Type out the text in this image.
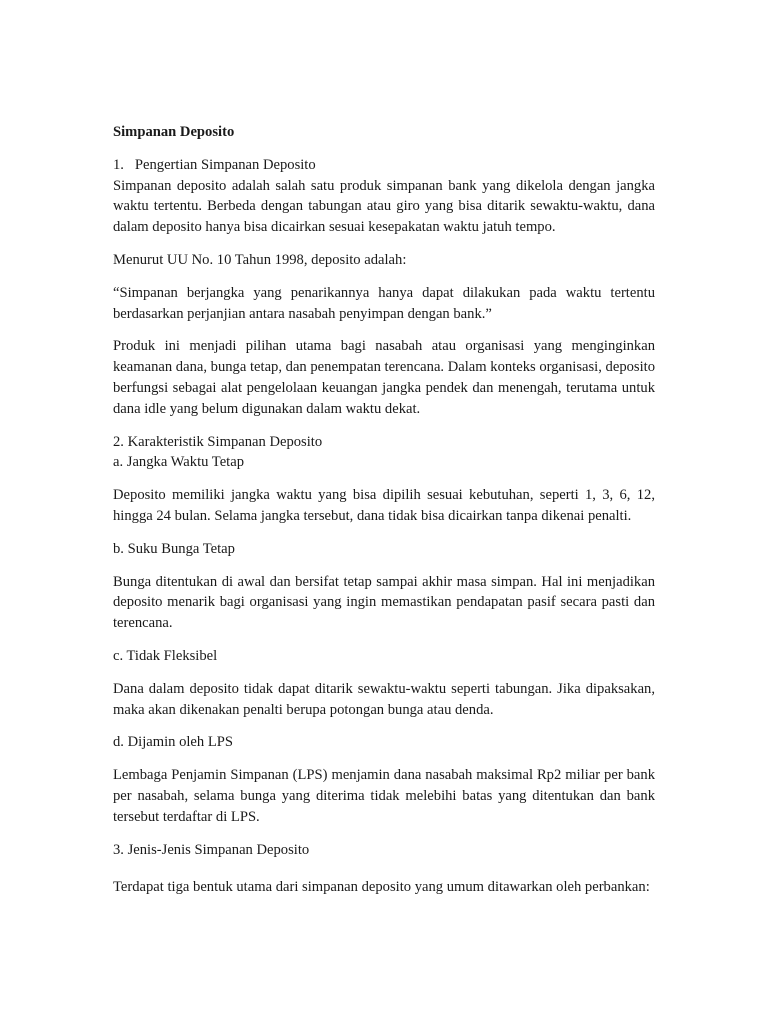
Simpanan Deposito
1.   Pengertian Simpanan Deposito

Simpanan deposito adalah salah satu produk simpanan bank yang dikelola dengan jangka waktu tertentu. Berbeda dengan tabungan atau giro yang bisa ditarik sewaktu-waktu, dana dalam deposito hanya bisa dicairkan sesuai kesepakatan waktu jatuh tempo.

Menurut UU No. 10 Tahun 1998, deposito adalah:

“Simpanan berjangka yang penarikannya hanya dapat dilakukan pada waktu tertentu berdasarkan perjanjian antara nasabah penyimpan dengan bank.”

Produk ini menjadi pilihan utama bagi nasabah atau organisasi yang menginginkan keamanan dana, bunga tetap, dan penempatan terencana. Dalam konteks organisasi, deposito berfungsi sebagai alat pengelolaan keuangan jangka pendek dan menengah, terutama untuk dana idle yang belum digunakan dalam waktu dekat.

2. Karakteristik Simpanan Deposito
a. Jangka Waktu Tetap

Deposito memiliki jangka waktu yang bisa dipilih sesuai kebutuhan, seperti 1, 3, 6, 12, hingga 24 bulan. Selama jangka tersebut, dana tidak bisa dicairkan tanpa dikenai penalti.

b. Suku Bunga Tetap

Bunga ditentukan di awal dan bersifat tetap sampai akhir masa simpan. Hal ini menjadikan deposito menarik bagi organisasi yang ingin memastikan pendapatan pasif secara pasti dan terencana.

c. Tidak Fleksibel

Dana dalam deposito tidak dapat ditarik sewaktu-waktu seperti tabungan. Jika dipaksakan, maka akan dikenakan penalti berupa potongan bunga atau denda.

d. Dijamin oleh LPS

Lembaga Penjamin Simpanan (LPS) menjamin dana nasabah maksimal Rp2 miliar per bank per nasabah, selama bunga yang diterima tidak melebihi batas yang ditentukan dan bank tersebut terdaftar di LPS.

3. Jenis-Jenis Simpanan Deposito

Terdapat tiga bentuk utama dari simpanan deposito yang umum ditawarkan oleh perbankan:
